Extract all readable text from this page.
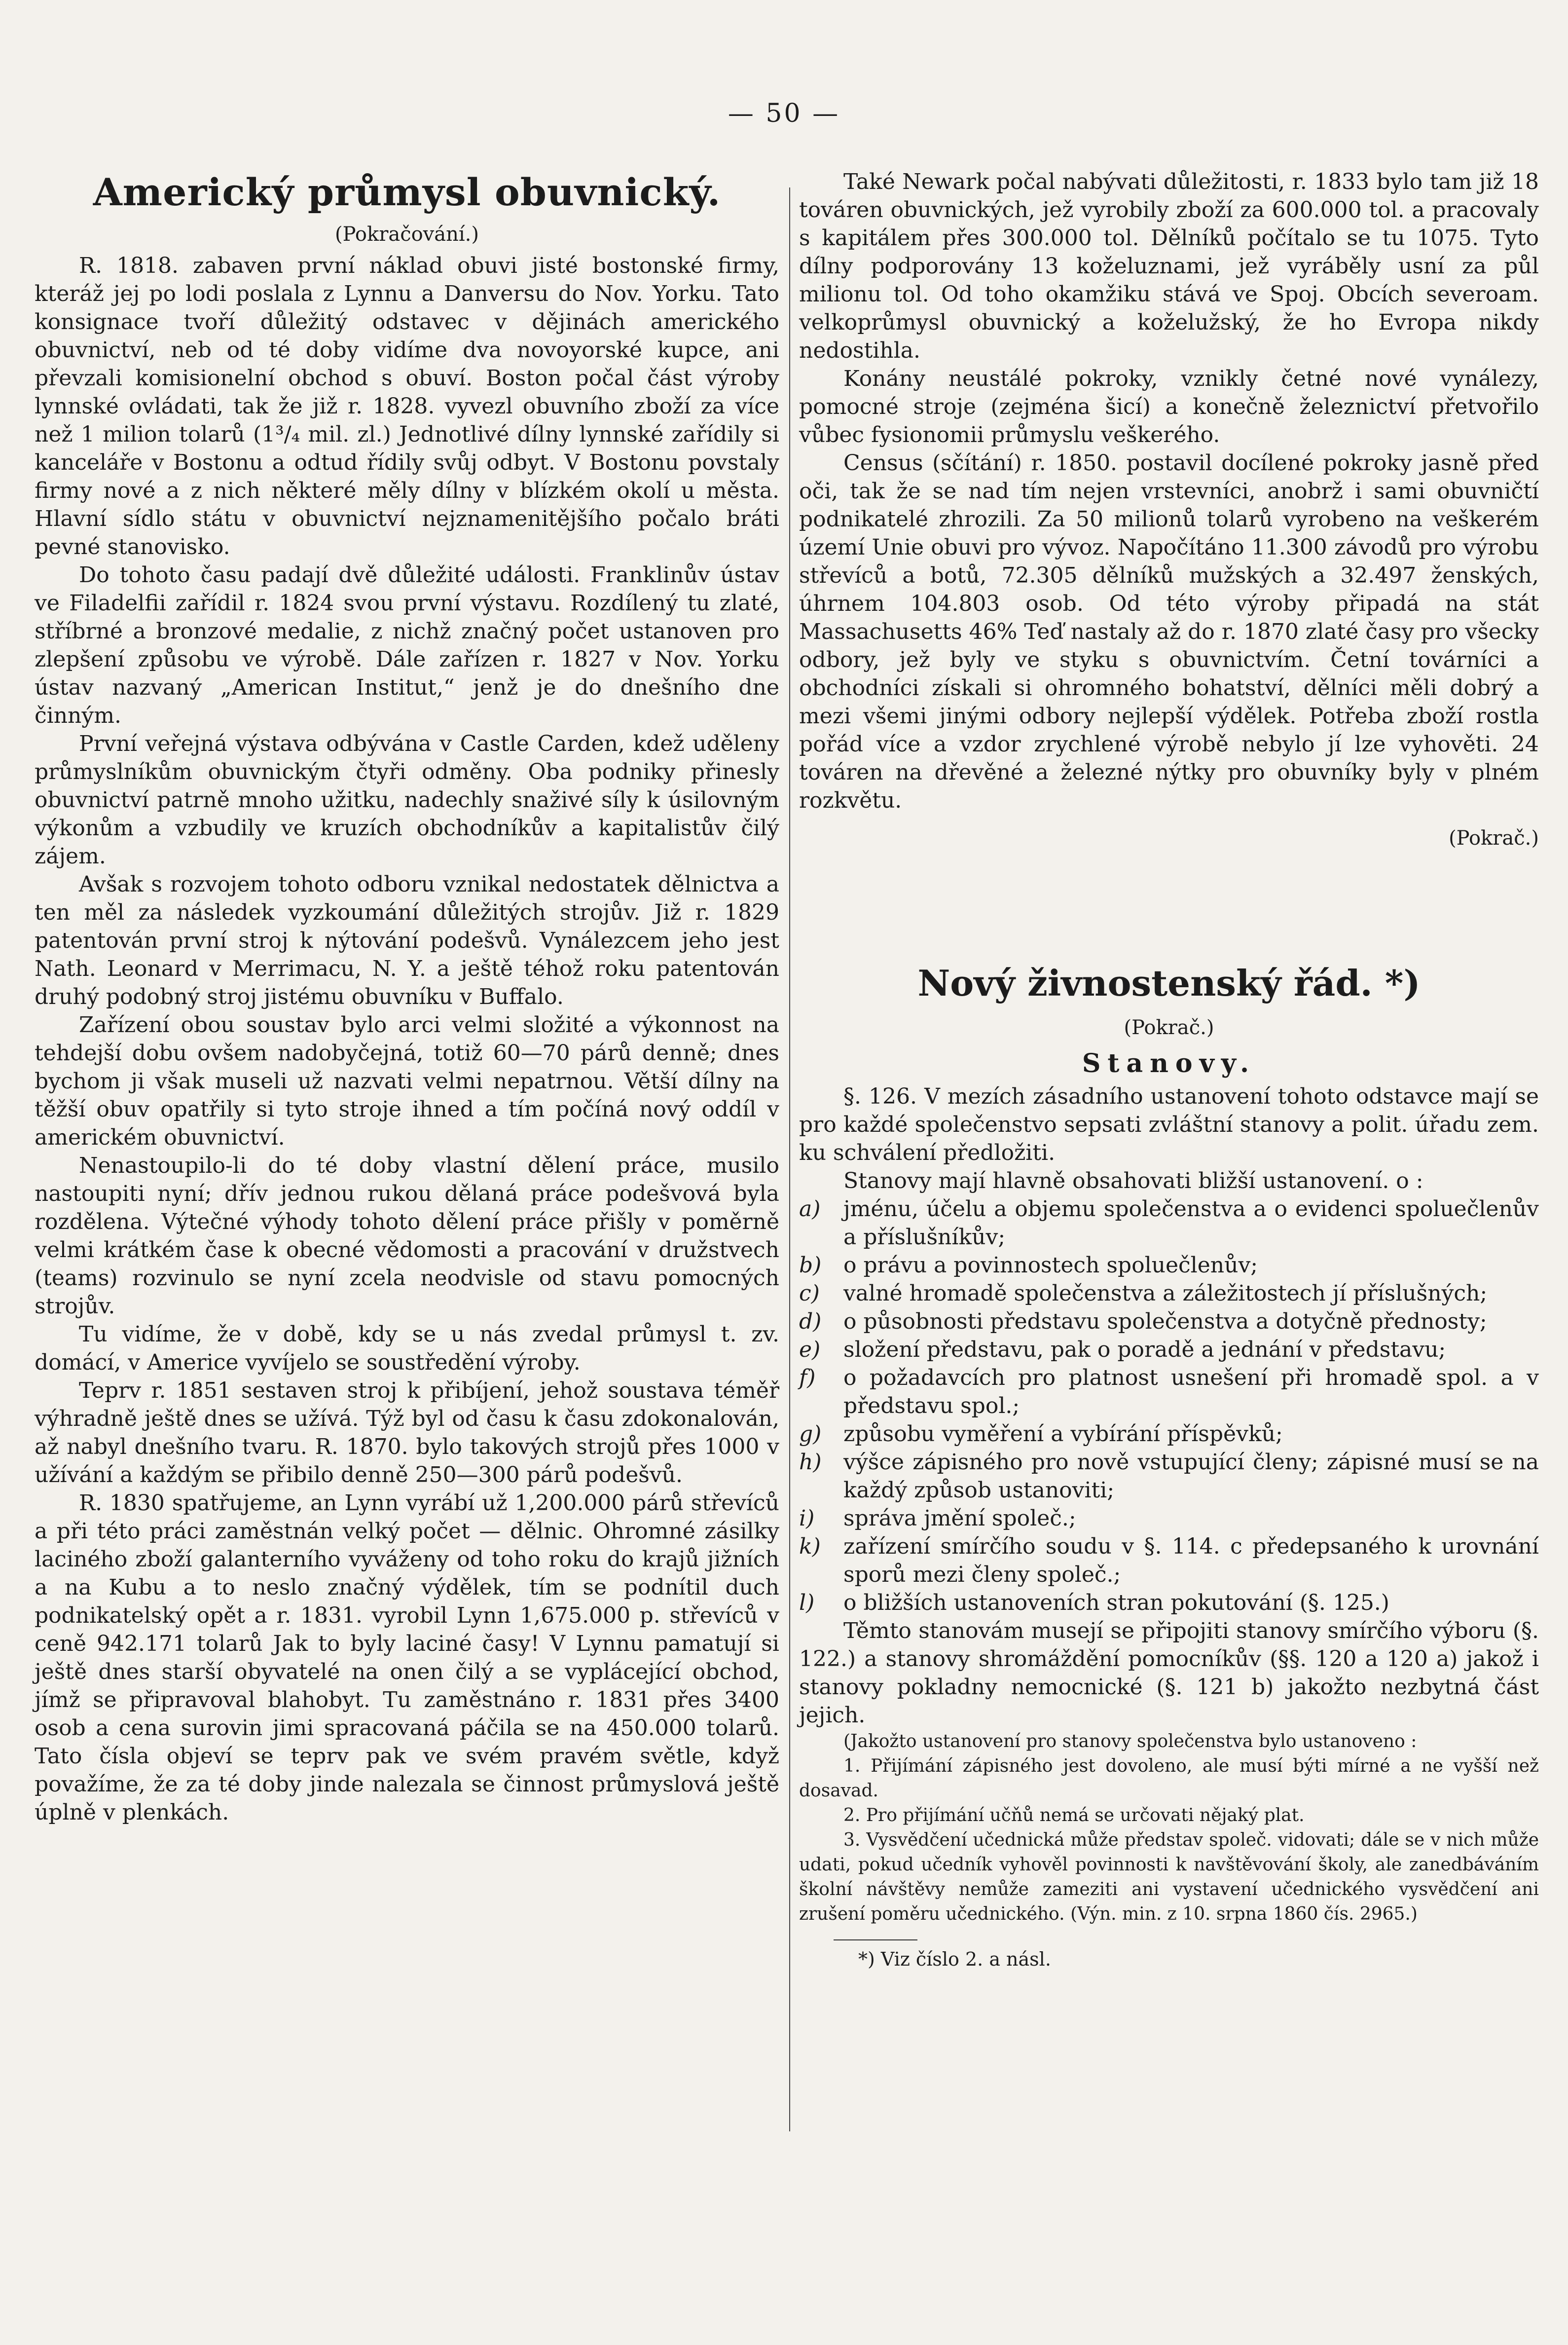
— 50 —
Americký průmysl obuvnický.
(Pokračování.)

R. 1818. zabaven první náklad obuvi jisté bostonské firmy, kteráž jej po lodi poslala z Lynnu a Danversu do Nov. Yorku. Tato konsignace tvoří důležitý odstavec v dějinách amerického obuvnictví, neb od té doby vidíme dva novoyorské kupce, ani převzali komisionelní obchod s obuví. Boston počal část výroby lynnské ovládati, tak že již r. 1828. vyvezl obuvního zboží za více než 1 milion tolarů (1³/₄ mil. zl.) Jednotlivé dílny lynnské zařídily si kanceláře v Bostonu a odtud řídily svůj odbyt. V Bostonu povstaly firmy nové a z nich některé měly dílny v blízkém okolí u města. Hlavní sídlo státu v obuvnictví nejznamenitějšího počalo bráti pevné stanovisko.

Do tohoto času padají dvě důležité události. Franklinův ústav ve Filadelfii zařídil r. 1824 svou první výstavu. Rozdílený tu zlaté, stříbrné a bronzové medalie, z nichž značný počet ustanoven pro zlepšení způsobu ve výrobě. Dále zařízen r. 1827 v Nov. Yorku ústav nazvaný „American Institut,“ jenž je do dnešního dne činným.

První veřejná výstava odbývána v Castle Carden, kdež uděleny průmyslníkům obuvnickým čtyři odměny. Oba podniky přinesly obuvnictví patrně mnoho užitku, nadechly snaživé síly k úsilovným výkonům a vzbudily ve kruzích obchodníkův a kapitalistův čilý zájem.

Avšak s rozvojem tohoto odboru vznikal nedostatek dělnictva a ten měl za následek vyzkoumání důležitých strojův. Již r. 1829 patentován první stroj k nýtování podešvů. Vynálezcem jeho jest Nath. Leonard v Merrimacu, N. Y. a ještě téhož roku patentován druhý podobný stroj jistému obuvníku v Buffalo.

Zařízení obou soustav bylo arci velmi složité a výkonnost na tehdejší dobu ovšem nadobyčejná, totiž 60—70 párů denně; dnes bychom ji však museli už nazvati velmi nepatrnou. Větší dílny na těžší obuv opatřily si tyto stroje ihned a tím počíná nový oddíl v americkém obuvnictví.

Nenastoupilo-li do té doby vlastní dělení práce, musilo nastoupiti nyní; dřív jednou rukou dělaná práce podešvová byla rozdělena. Výtečné výhody tohoto dělení práce přišly v poměrně velmi krátkém čase k obecné vědomosti a pracování v družstvech (teams) rozvinulo se nyní zcela neodvisle od stavu pomocných strojův.

Tu vidíme, že v době, kdy se u nás zvedal průmysl t. zv. domácí, v Americe vyvíjelo se soustředění výroby.

Teprv r. 1851 sestaven stroj k přibíjení, jehož soustava téměř výhradně ještě dnes se užívá. Týž byl od času k času zdokonalován, až nabyl dnešního tvaru. R. 1870. bylo takových strojů přes 1000 v užívání a každým se přibilo denně 250—300 párů podešvů.

R. 1830 spatřujeme, an Lynn vyrábí už 1,200.000 párů střevíců a při této práci zaměstnán velký počet — dělnic. Ohromné zásilky laciného zboží galanterního vyváženy od toho roku do krajů jižních a na Kubu a to neslo značný výdělek, tím se podnítil duch podnikatelský opět a r. 1831. vyrobil Lynn 1,675.000 p. střevíců v ceně 942.171 tolarů Jak to byly laciné časy! V Lynnu pamatují si ještě dnes starší obyvatelé na onen čilý a se vyplácející obchod, jímž se připravoval blahobyt. Tu zaměstnáno r. 1831 přes 3400 osob a cena surovin jimi spracovaná páčila se na 450.000 tolarů. Tato čísla objeví se teprv pak ve svém pravém světle, když považíme, že za té doby jinde nalezala se činnost průmyslová ještě úplně v plenkách.

Také Newark počal nabývati důležitosti, r. 1833 bylo tam již 18 továren obuvnických, jež vyrobily zboží za 600.000 tol. a pracovaly s kapitálem přes 300.000 tol. Dělníků počítalo se tu 1075. Tyto dílny podporovány 13 koželuznami, jež vyráběly usní za půl milionu tol. Od toho okamžiku stává ve Spoj. Obcích severoam. velkoprůmysl obuvnický a koželužský, že ho Evropa nikdy nedostihla.

Konány neustálé pokroky, vznikly četné nové vynálezy, pomocné stroje (zejména šicí) a konečně železnictví přetvořilo vůbec fysionomii průmyslu veškerého.

Census (sčítání) r. 1850. postavil docílené pokroky jasně před oči, tak že se nad tím nejen vrstevníci, anobrž i sami obuvničtí podnikatelé zhrozili. Za 50 milionů tolarů vyrobeno na veškerém území Unie obuvi pro vývoz. Napočítáno 11.300 závodů pro výrobu střevíců a botů, 72.305 dělníků mužských a 32.497 ženských, úhrnem 104.803 osob. Od této výroby připadá na stát Massachusetts 46% Teď nastaly až do r. 1870 zlaté časy pro všecky odbory, jež byly ve styku s obuvnictvím. Četní továrníci a obchodníci získali si ohromného bohatství, dělníci měli dobrý a mezi všemi jinými odbory nejlepší výdělek. Potřeba zboží rostla pořád více a vzdor zrychlené výrobě nebylo jí lze vyhověti. 24 továren na dřevěné a železné nýtky pro obuvníky byly v plném rozkvětu.

(Pokrač.)
Nový živnostenský řád. *)
(Pokrač.)
Stanovy.

§. 126. V mezích zásadního ustanovení tohoto odstavce mají se pro každé společenstvo sepsati zvláštní stanovy a polit. úřadu zem. ku schválení předložiti.

Stanovy mají hlavně obsahovati bližší ustanovení. o :

a)	jménu, účelu a objemu společenstva a o evidenci spoluečlenův a příslušníkův;
b)	o právu a povinnostech spoluečlenův;
c)	valné hromadě společenstva a záležitostech jí příslušných;
d)	o působnosti představu společenstva a dotyčně přednosty;
e)	složení představu, pak o poradě a jednání v představu;
f)	o požadavcích pro platnost usnešení při hromadě spol. a v představu spol.;
g)	způsobu vyměření a vybírání příspěvků;
h)	výšce zápisného pro nově vstupující členy; zápisné musí se na každý způsob ustanoviti;
i)	správa jmění společ.;
k)	zařízení smírčího soudu v §. 114. c předepsaného k urovnání sporů mezi členy společ.;
l)	o bližších ustanoveních stran pokutování (§. 125.)

Těmto stanovám musejí se připojiti stanovy smírčího výboru (§. 122.) a stanovy shromáždění pomocníkův (§§. 120 a 120 a) jakož i stanovy pokladny nemocnické (§. 121 b) jakožto nezbytná část jejich.

(Jakožto ustanovení pro stanovy společenstva bylo ustanoveno :

1. Přijímání zápisného jest dovoleno, ale musí býti mírné a ne vyšší než dosavad.

2. Pro přijímání učňů nemá se určovati nějaký plat.

3. Vysvědčení učednická může představ společ. vidovati; dále se v nich může udati, pokud učedník vyhověl povinnosti k navštěvování školy, ale zanedbáváním školní návštěvy nemůže zameziti ani vystavení učednického vysvědčení ani zrušení poměru učednického. (Výn. min. z 10. srpna 1860 čís. 2965.)

*) Viz číslo 2. a násl.
